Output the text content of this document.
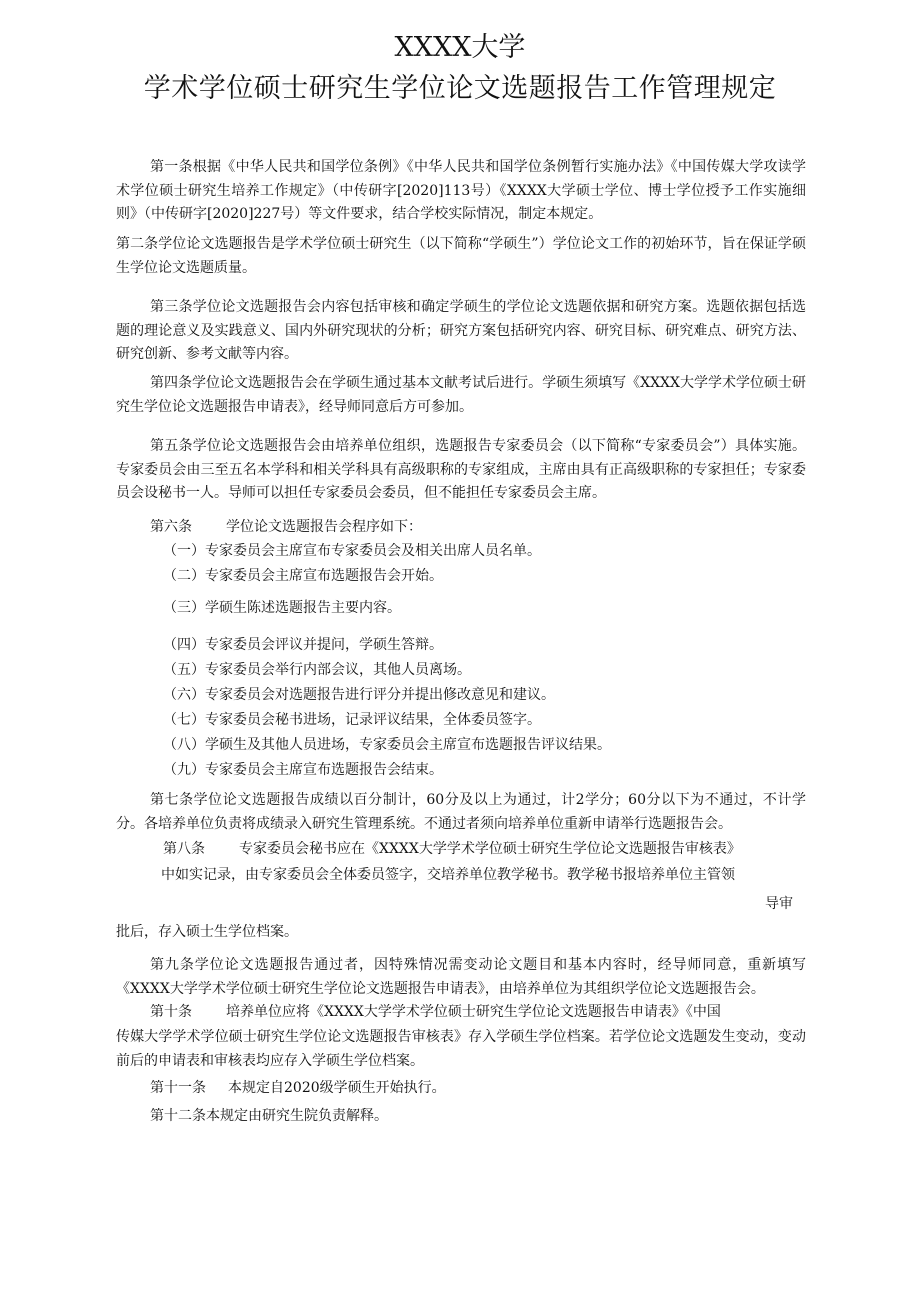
XXXX大学
学术学位硕士研究生学位论文选题报告工作管理规定
第一条根据《中华人民共和国学位条例》《中华人民共和国学位条例暂行实施办法》《中国传媒大学攻读学术学位硕士研究生培养工作规定》（中传研字[2020]113号）《XXXX大学硕士学位、博士学位授予工作实施细则》（中传研字[2020]227号）等文件要求，结合学校实际情况，制定本规定。
第二条学位论文选题报告是学术学位硕士研究生（以下简称“学硕生”）学位论文工作的初始环节，旨在保证学硕生学位论文选题质量。
第三条学位论文选题报告会内容包括审核和确定学硕生的学位论文选题依据和研究方案。选题依据包括选题的理论意义及实践意义、国内外研究现状的分析；研究方案包括研究内容、研究目标、研究难点、研究方法、研究创新、参考文献等内容。
第四条学位论文选题报告会在学硕生通过基本文献考试后进行。学硕生须填写《XXXX大学学术学位硕士研究生学位论文选题报告申请表》，经导师同意后方可参加。
第五条学位论文选题报告会由培养单位组织，选题报告专家委员会（以下简称“专家委员会”）具体实施。专家委员会由三至五名本学科和相关学科具有高级职称的专家组成，主席由具有正高级职称的专家担任；专家委员会设秘书一人。导师可以担任专家委员会委员，但不能担任专家委员会主席。
第六条 学位论文选题报告会程序如下：
（一）专家委员会主席宣布专家委员会及相关出席人员名单。
（二）专家委员会主席宣布选题报告会开始。
（三）学硕生陈述选题报告主要内容。
（四）专家委员会评议并提问，学硕生答辩。
（五）专家委员会举行内部会议，其他人员离场。
（六）专家委员会对选题报告进行评分并提出修改意见和建议。
（七）专家委员会秘书进场，记录评议结果，全体委员签字。
（八）学硕生及其他人员进场，专家委员会主席宣布选题报告评议结果。
（九）专家委员会主席宣布选题报告会结束。
第七条学位论文选题报告成绩以百分制计，60分及以上为通过，计2学分；60分以下为不通过，不计学分。各培养单位负责将成绩录入研究生管理系统。不通过者须向培养单位重新申请举行选题报告会。
第八条 专家委员会秘书应在《XXXX大学学术学位硕士研究生学位论文选题报告审核表》
中如实记录，由专家委员会全体委员签字，交培养单位教学秘书。教学秘书报培养单位主管领
导审
批后，存入硕士生学位档案。
第九条学位论文选题报告通过者，因特殊情况需变动论文题目和基本内容时，经导师同意，重新填写《XXXX大学学术学位硕士研究生学位论文选题报告申请表》，由培养单位为其组织学位论文选题报告会。
第十条 培养单位应将《XXXX大学学术学位硕士研究生学位论文选题报告申请表》《中国
传媒大学学术学位硕士研究生学位论文选题报告审核表》存入学硕生学位档案。若学位论文选题发生变动，变动前后的申请表和审核表均应存入学硕生学位档案。
第十一条 本规定自2020级学硕生开始执行。
第十二条本规定由研究生院负责解释。
